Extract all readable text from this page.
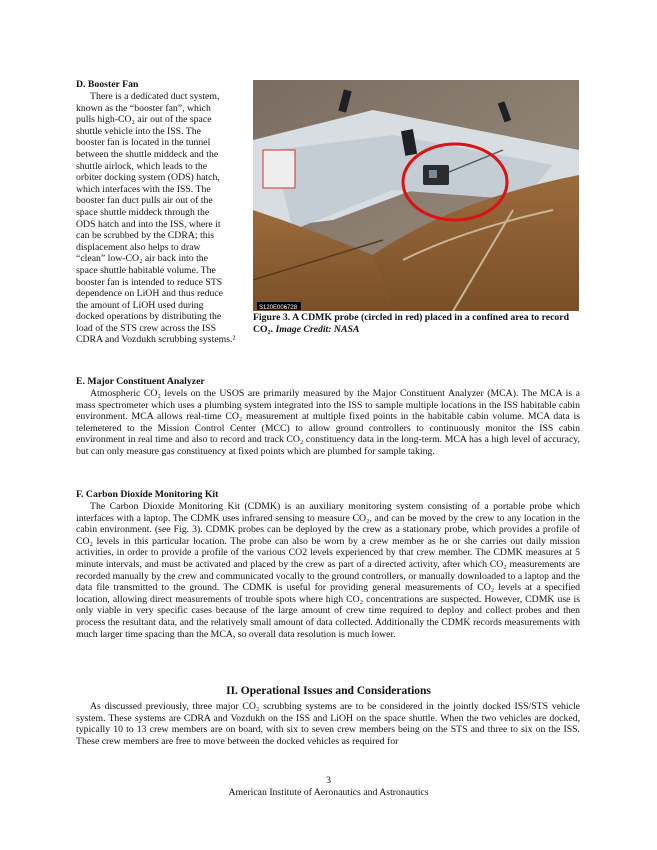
D. Booster Fan

There is a dedicated duct system,
known as the “booster fan”, which
pulls high-CO₂ air out of the space
shuttle vehicle into the ISS. The
booster fan is located in the tunnel
between the shuttle middeck and the
shuttle airlock, which leads to the
orbiter docking system (ODS) hatch,
which interfaces with the ISS. The
booster fan duct pulls air out of the
space shuttle middeck through the
ODS hatch and into the ISS, where it
can be scrubbed by the CDRA; this
displacement also helps to draw
“clean” low-CO₂ air back into the
space shuttle habitable volume. The
booster fan is intended to reduce STS
dependence on LiOH and thus reduce
the amount of LiOH used during
docked operations by distributing the
load of the STS crew across the ISS
CDRA and Vozdukh scrubbing systems.²
S120E006728

Figure 3. A CDMK probe (circled in red) placed in a confined area to record CO₂. Image Credit: NASA

E. Major Constituent Analyzer

Atmospheric CO₂ levels on the USOS are primarily measured by the Major Constituent Analyzer (MCA). The MCA is a mass spectrometer which uses a plumbing system integrated into the ISS to sample multiple locations in the ISS habitable cabin environment. MCA allows real-time CO₂ measurement at multiple fixed points in the habitable cabin volume. MCA data is telemetered to the Mission Control Center (MCC) to allow ground controllers to continuously monitor the ISS cabin environment in real time and also to record and track CO₂ constituency data in the long-term. MCA has a high level of accuracy, but can only measure gas constituency at fixed points which are plumbed for sample taking.

F. Carbon Dioxide Monitoring Kit

The Carbon Dioxide Monitoring Kit (CDMK) is an auxiliary monitoring system consisting of a portable probe which interfaces with a laptop. The CDMK uses infrared sensing to measure CO₂, and can be moved by the crew to any location in the cabin environment. (see Fig. 3). CDMK probes can be deployed by the crew as a stationary probe, which provides a profile of CO₂ levels in this particular location. The probe can also be worn by a crew member as he or she carries out daily mission activities, in order to provide a profile of the various CO2 levels experienced by that crew member. The CDMK measures at 5 minute intervals, and must be activated and placed by the crew as part of a directed activity, after which CO₂ measurements are recorded manually by the crew and communicated vocally to the ground controllers, or manually downloaded to a laptop and the data file transmitted to the ground. The CDMK is useful for providing general measurements of CO₂ levels at a specified location, allowing direct measurements of trouble spots where high CO₂ concentrations are suspected. However, CDMK use is only viable in very specific cases because of the large amount of crew time required to deploy and collect probes and then process the resultant data, and the relatively small amount of data collected. Additionally the CDMK records measurements with much larger time spacing than the MCA, so overall data resolution is much lower.

II. Operational Issues and Considerations

As discussed previously, three major CO₂ scrubbing systems are to be considered in the jointly docked ISS/STS vehicle system. These systems are CDRA and Vozdukh on the ISS and LiOH on the space shuttle. When the two vehicles are docked, typically 10 to 13 crew members are on board, with six to seven crew members being on the STS and three to six on the ISS. These crew members are free to move between the docked vehicles as required for

3

American Institute of Aeronautics and Astronautics
